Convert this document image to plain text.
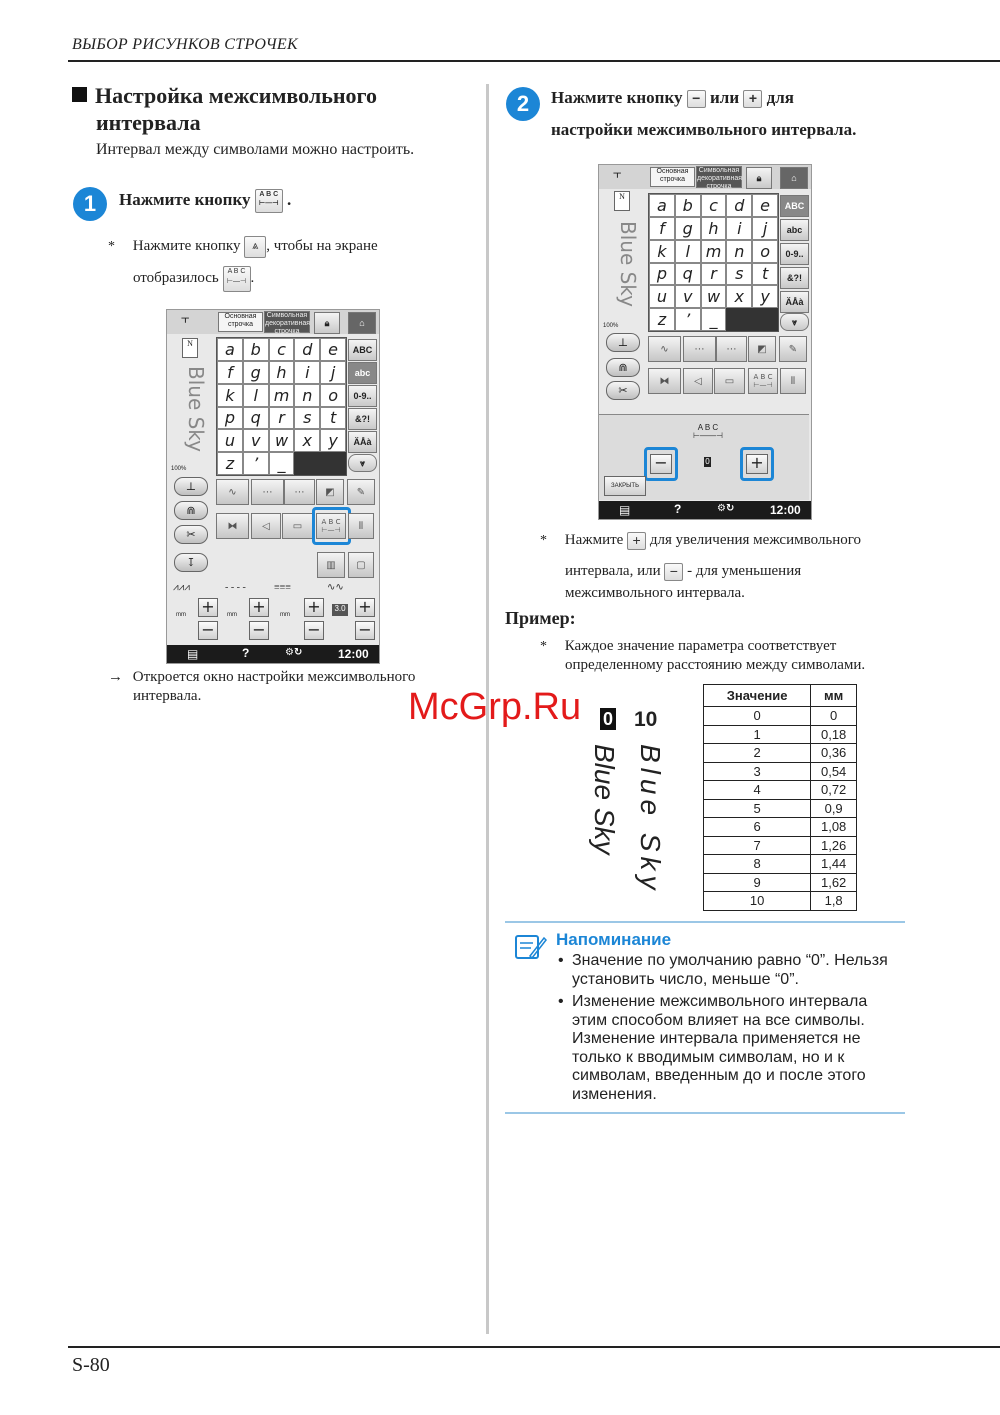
ВЫБОР РИСУНКОВ СТРОЧЕК
S-80
Настройка межсимвольного
интервала
Интервал между символами можно настроить.
1	Нажмите кнопку A B C
⊢—⊣ .
* Нажмите кнопку ⩓ , чтобы на экране
отобразилось A B C
⊢—⊣ .
⫟	Основная
строчка
Символьная
декоративная
строчка
🔒︎	⌂
N
Blue Sky
100%
a b	c	d e
f	g h	i	j
k	l m n o
p q	r	s	t
u v w x	y
z	’	_
ABC
abc
0-9..
&?!
ÄÅà
⩔
⊥
⋒
✂
↧
∿	⋯	⋯	◩	✎
⧓	◁	▭	A B C
⊢—⊣	⦀
▥	▢
⩘⩘⩘	- - - -	≡≡≡	∿∿
+
−
mm	+
−
mm	+
−
mm
3.0 +
−
▤	?	⚙↻	12:00
→ Откроется окно настройки межсимвольного
интервала.
2	Нажмите кнопку − или + для
настройки межсимвольного интервала.
⫟	Основная
строчка
Символьная
декоративная
строчка
🔒︎	⌂
N
Blue Sky
100%
a b	c	d e
f	g h	i	j
k	l m n o
p q	r	s	t
u v w x	y
z	’	_
ABC
abc
0-9..
&?!
ÄÅà
⩔
⊥
⋒
✂
∿	⋯	⋯	◩	✎
⧓	◁	▭	A B C
⊢—⊣	⦀
A B C
⊢——⊣
−	0	+
ЗАКРЫТЬ
▤	?	⚙↻	12:00
* Нажмите + для увеличения межсимвольного
интервала, или − - для уменьшения
межсимвольного интервала.
Пример:
* Каждое значение параметра соответствует
определенному расстоянию между символами.
0 10
Blue Sky Blue Sky
Значение	мм
0	0
1	0,18
2	0,36
3	0,54
4	0,72
5	0,9
6	1,08
7	1,26
8	1,44
9	1,62
10	1,8
Напоминание
• Значение по умолчанию равно “0”. Нельзя установить число, меньше “0”.
• Изменение межсимвольного интервала этим способом влияет на все символы. Изменение интервала применяется не только к вводимым символам, но и к символам, введенным до и после этого изменения.
McGrp.Ru
